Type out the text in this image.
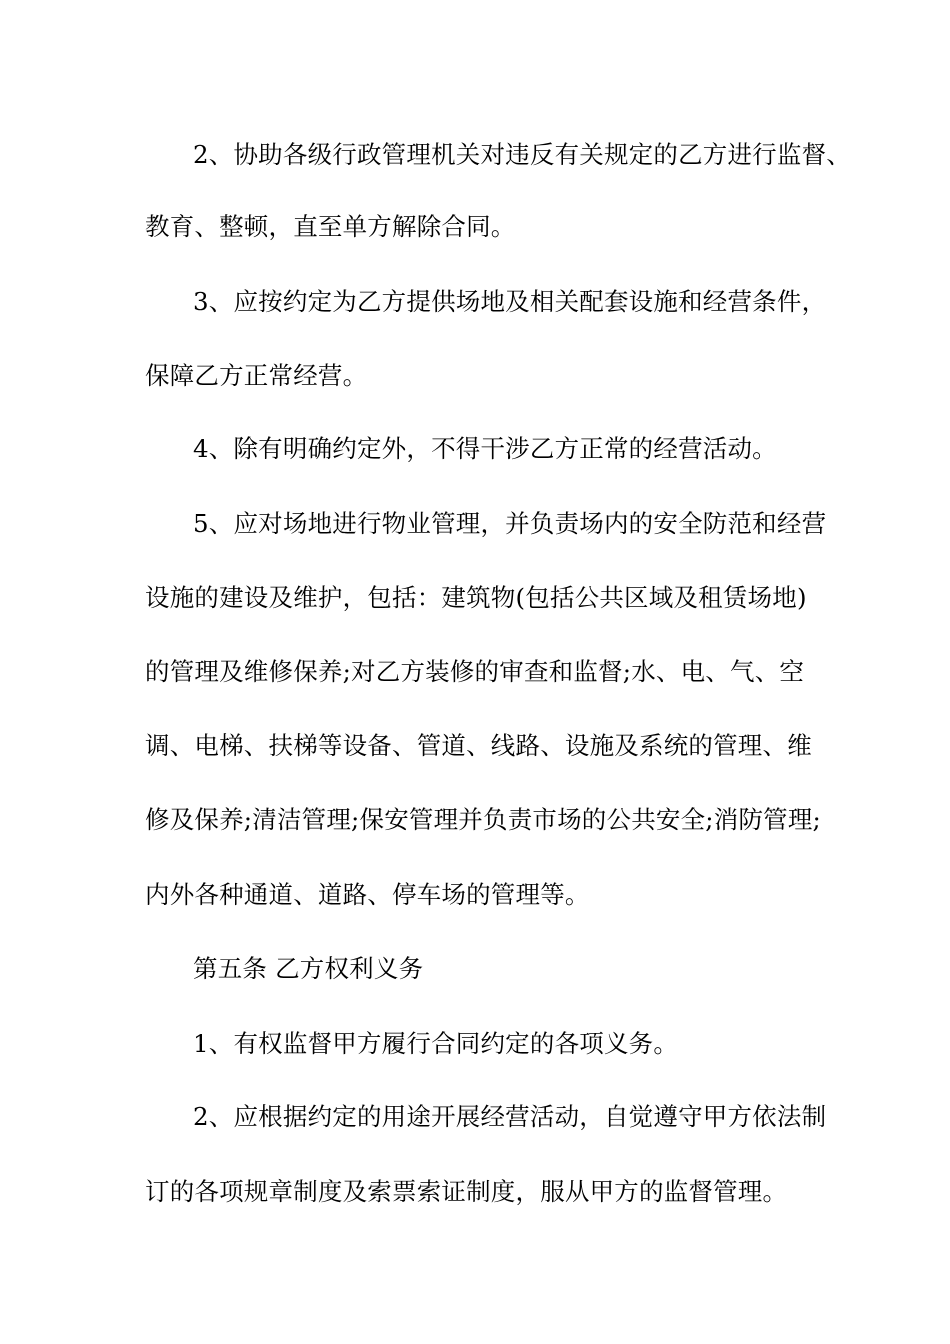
2、协助各级行政管理机关对违反有关规定的乙方进行监督、
教育、整顿，直至单方解除合同。
3、应按约定为乙方提供场地及相关配套设施和经营条件，
保障乙方正常经营。
4、除有明确约定外，不得干涉乙方正常的经营活动。
5、应对场地进行物业管理，并负责场内的安全防范和经营
设施的建设及维护，包括：建筑物(包括公共区域及租赁场地)
的管理及维修保养;对乙方装修的审查和监督;水、电、气、空
调、电梯、扶梯等设备、管道、线路、设施及系统的管理、维
修及保养;清洁管理;保安管理并负责市场的公共安全;消防管理;
内外各种通道、道路、停车场的管理等。
第五条 乙方权利义务
1、有权监督甲方履行合同约定的各项义务。
2、应根据约定的用途开展经营活动，自觉遵守甲方依法制
订的各项规章制度及索票索证制度，服从甲方的监督管理。
